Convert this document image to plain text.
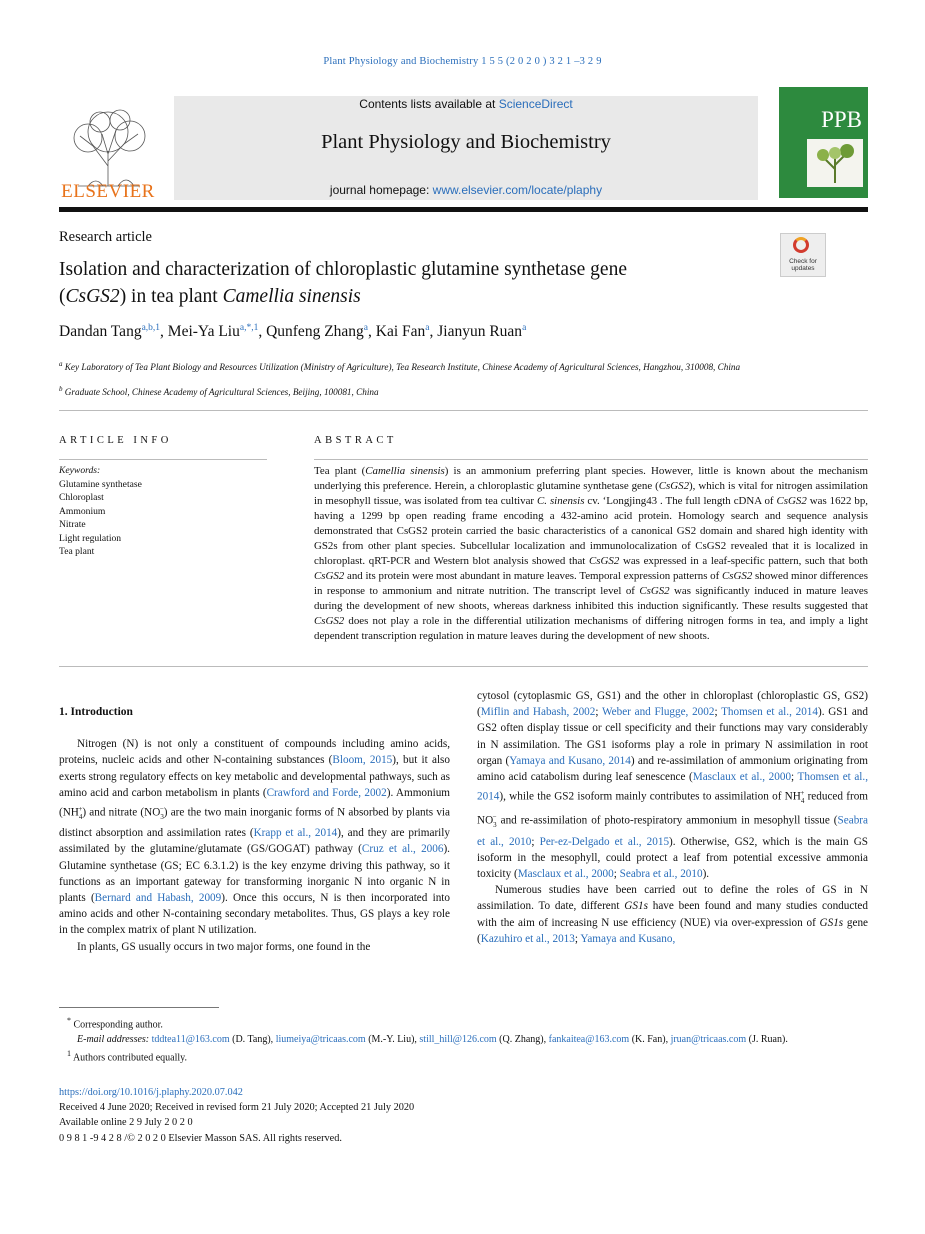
Plant Physiology and Biochemistry 1 5 5 (2 0 2 0 ) 3 2 1 –3 2 9
ELSEVIER
Contents lists available at ScienceDirect
Plant Physiology and Biochemistry
journal homepage: www.elsevier.com/locate/plaphy
PPB
Research article
Check for
updates
Isolation and characterization of chloroplastic glutamine synthetase gene
(CsGS2) in tea plant Camellia sinensis
Dandan Tang$^{a,b,1}$, Mei-Ya Liu$^{a,*,1}$, Qunfeng Zhang$^a$, Kai Fan$^a$, Jianyun Ruan$^a$
$^a$ Key Laboratory of Tea Plant Biology and Resources Utilization (Ministry of Agriculture), Tea Research Institute, Chinese Academy of Agricultural Sciences, Hangzhou, 310008, China
$^b$ Graduate School, Chinese Academy of Agricultural Sciences, Beijing, 100081, China
ARTICLE INFO
Keywords:
Glutamine synthetase
Chloroplast
Ammonium
Nitrate
Light regulation
Tea plant
ABSTRACT
Tea plant (Camellia sinensis) is an ammonium preferring plant species. However, little is known about the mechanism underlying this preference. Herein, a chloroplastic glutamine synthetase gene (CsGS2), which is vital for nitrogen assimilation in mesophyll tissue, was isolated from tea cultivar C. sinensis cv. ‘Longjing43 . The full length cDNA of CsGS2 was 1622 bp, having a 1299 bp open reading frame encoding a 432-amino acid protein. Homology search and sequence analysis demonstrated that CsGS2 protein carried the basic characteristics of a canonical GS2 domain and shared high identity with GS2s from other plant species. Subcellular localization and immunolocalization of CsGS2 revealed that it is localized in chloroplast. qRT-PCR and Western blot analysis showed that CsGS2 was expressed in a leaf-specific pattern, such that both CsGS2 and its protein were most abundant in mature leaves. Temporal expression patterns of CsGS2 showed minor differences in response to ammonium and nitrate nutrition. The transcript level of CsGS2 was significantly induced in mature leaves during the development of new shoots, whereas darkness inhibited this induction significantly. These results suggested that CsGS2 does not play a role in the differential utilization mechanisms of differing nitrogen forms in tea, and imply a light dependent transcription regulation in mature leaves during the development of new shoots.
1. Introduction

Nitrogen (N) is not only a constituent of compounds including amino acids, proteins, nucleic acids and other N-containing substances (Bloom, 2015), but it also exerts strong regulatory effects on key metabolic and developmental pathways, such as amino acid and carbon metabolism in plants (Crawford and Forde, 2002). Ammonium $(NH_4^+)$ and nitrate $(NO_3^-)$ are the two main inorganic forms of N absorbed by plants via distinct absorption and assimilation rates (Krapp et al., 2014), and they are primarily assimilated by the glutamine/glutamate (GS/GOGAT) pathway (Cruz et al., 2006). Glutamine synthetase (GS; EC 6.3.1.2) is the key enzyme driving this pathway, so it functions as an important gateway for transforming inorganic N into organic N in plants (Bernard and Habash, 2009). Once this occurs, N is then incorporated into amino acids and other N-containing secondary metabolites. Thus, GS plays a key role in the complex matrix of plant N utilization.

In plants, GS usually occurs in two major forms, one found in the

cytosol (cytoplasmic GS, GS1) and the other in chloroplast (chloroplastic GS, GS2) (Miflin and Habash, 2002; Weber and Flugge, 2002; Thomsen et al., 2014). GS1 and GS2 often display tissue or cell specificity and their functions may vary considerably in N assimilation. The GS1 isoforms play a role in primary N assimilation in root organ (Yamaya and Kusano, 2014) and re-assimilation of ammonium originating from amino acid catabolism during leaf senescence (Masclaux et al., 2000; Thomsen et al., 2014), while the GS2 isoform mainly contributes to assimilation of $NH_4^+$ reduced from $NO_3^-$ and re-assimilation of photo-respiratory ammonium in mesophyll tissue (Seabra et al., 2010; Per-ez-Delgado et al., 2015). Otherwise, GS2, which is the main GS isoform in the mesophyll, could protect a leaf from potential excessive ammonia toxicity (Masclaux et al., 2000; Seabra et al., 2010).

Numerous studies have been carried out to define the roles of GS in N assimilation. To date, different GS1s have been found and many studies conducted with the aim of increasing N use efficiency (NUE) via over-expression of GS1s gene (Kazuhiro et al., 2013; Yamaya and Kusano,

* Corresponding author.
E-mail addresses: tddtea11@163.com (D. Tang), liumeiya@tricaas.com (M.-Y. Liu), still_hill@126.com (Q. Zhang), fankaitea@163.com (K. Fan), jruan@tricaas.com (J. Ruan).
$^1$ Authors contributed equally.
https://doi.org/10.1016/j.plaphy.2020.07.042
Received 4 June 2020; Received in revised form 21 July 2020; Accepted 21 July 2020
Available online 2 9 July 2 0 2 0
0 9 8 1 -9 4 2 8 /© 2 0 2 0 Elsevier Masson SAS. All rights reserved.
